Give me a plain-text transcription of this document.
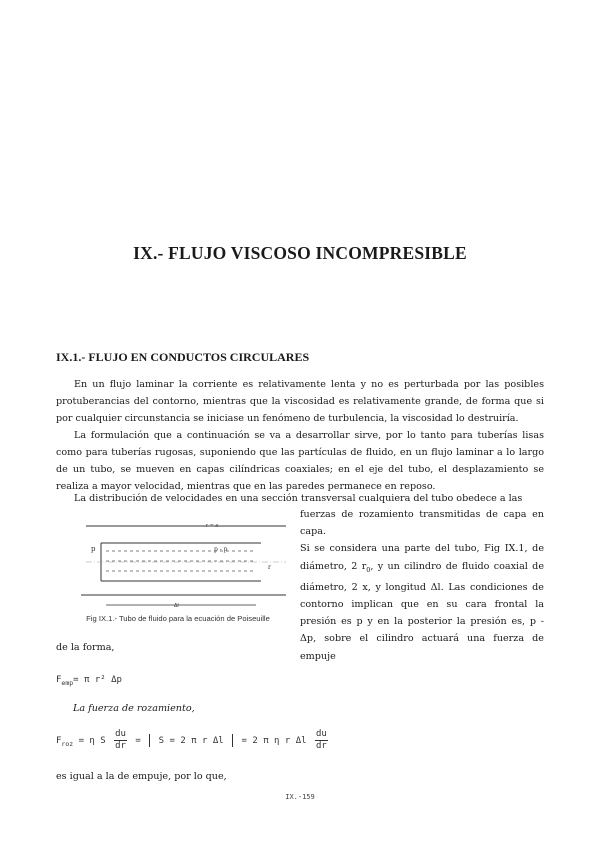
IX.- FLUJO VISCOSO INCOMPRESIBLE
IX.1.- FLUJO EN CONDUCTOS CIRCULARES

En un flujo laminar la corriente es relativamente lenta y no es perturbada por las posibles protuberancias del contorno, mientras que la viscosidad es relativamente grande, de forma que si por cualquier circunstancia se iniciase un fenómeno de turbulencia, la viscosidad lo destruiría.

La formulación que a continuación se va a desarrollar sirve, por lo tanto para tuberías lisas como para tuberías rugosas, suponiendo que las partículas de fluido, en un flujo laminar a lo largo de un tubo, se mueven en capas cilíndricas coaxiales; en el eje del tubo, el desplazamiento se realiza a mayor velocidad, mientras que en las paredes permanece en reposo.

La distribución de velocidades en una sección transversal cualquiera del tubo obedece a las

r = x
p	p - p
r
Δl
Fig IX.1.- Tubo de fluido para la ecuación de Poiseuille

fuerzas de rozamiento transmitidas de capa en capa.
Si se considera una parte del tubo, Fig IX.1, de diámetro, 2 $r_0$, y un cilindro de fluido coaxial de diámetro, 2 x, y longitud Δl. Las condiciones de contorno implican que en su cara frontal la presión es p y en la posterior la presión es, p - Δp, sobre el cilindro actuará una fuerza de empuje

de la forma,
$F_{emp}= \pi$ r² Δp
La fuerza de rozamiento,
$F_{roz} = \eta$ S $\frac{du}{dr} = S = 2$ π r Δl = 2 π η r Δl $\frac{du}{dr}$
es igual a la de empuje, por lo que,
IX.-159
